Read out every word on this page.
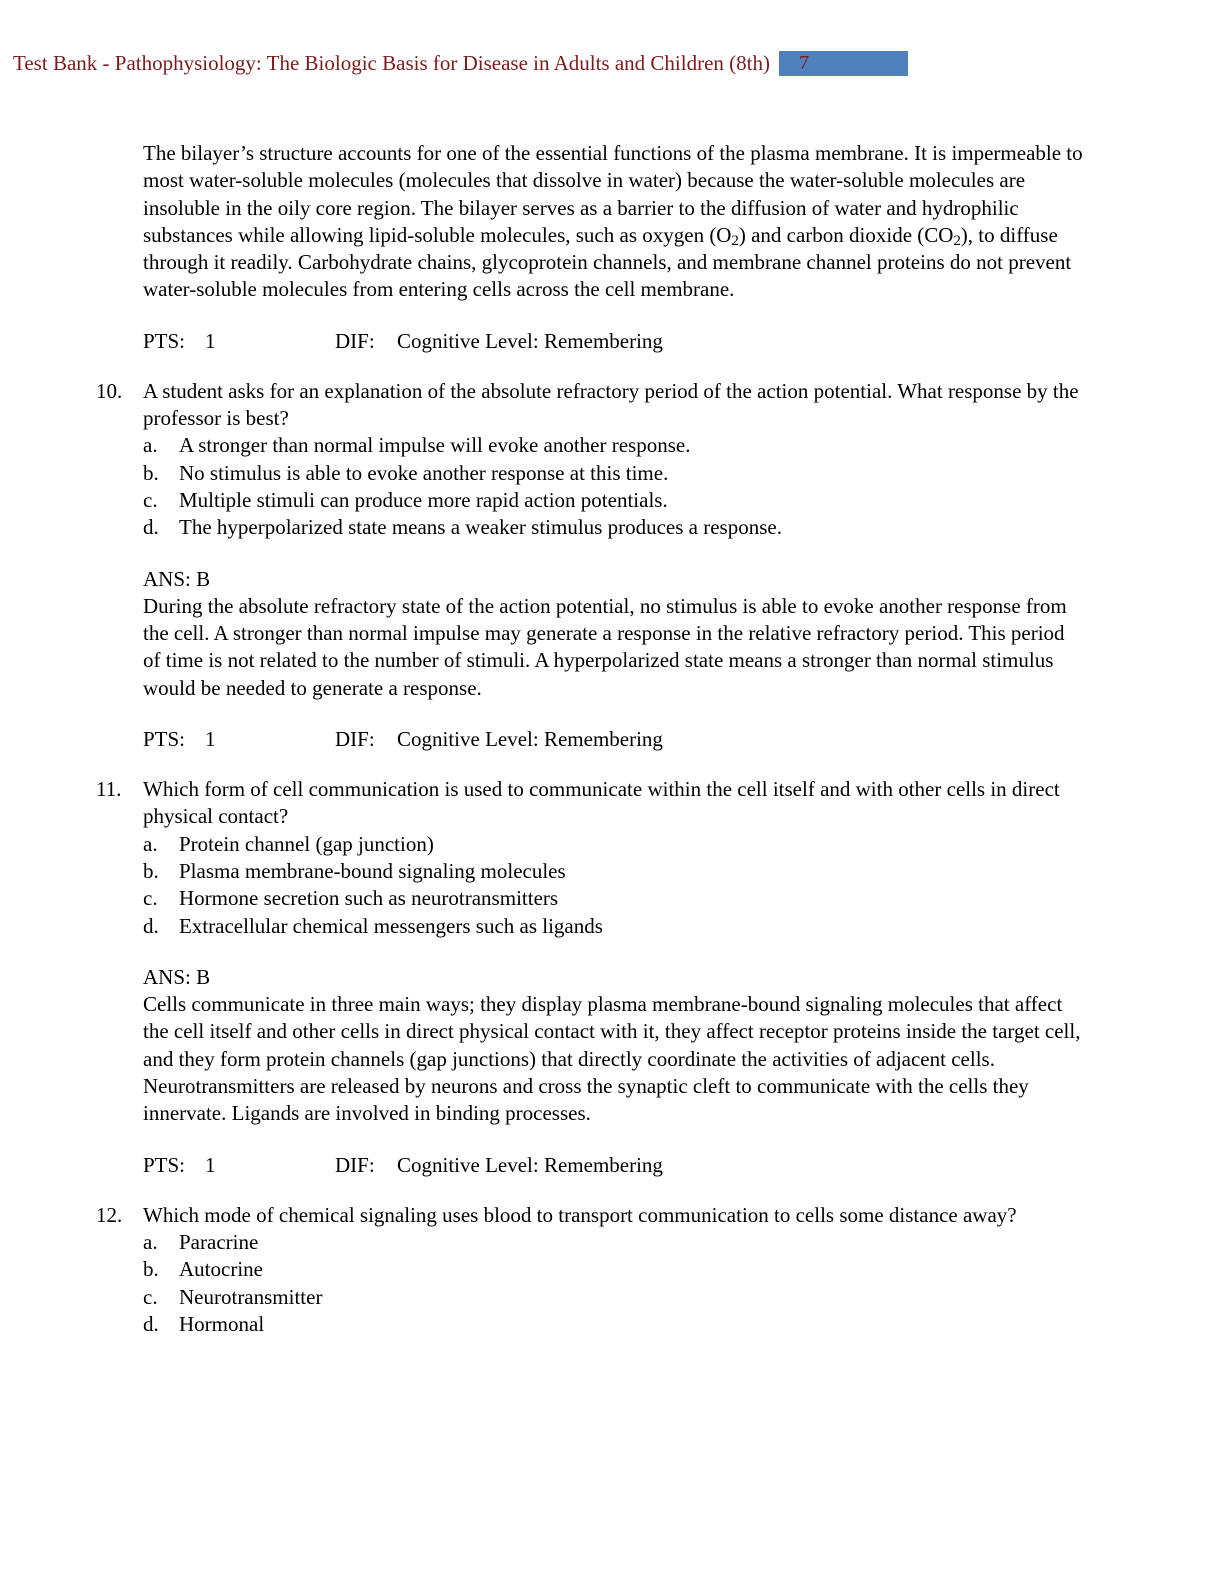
Test Bank - Pathophysiology: The Biologic Basis for Disease in Adults and Children (8th)	7

The bilayer’s structure accounts for one of the essential functions of the plasma membrane. It is impermeable to most water-soluble molecules (molecules that dissolve in water) because the water-soluble molecules are insoluble in the oily core region. The bilayer serves as a barrier to the diffusion of water and hydrophilic substances while allowing lipid-soluble molecules, such as oxygen $(O_2)$ and carbon dioxide $(CO_2)$, to diffuse through it readily. Carbohydrate chains, glycoprotein channels, and membrane channel proteins do not prevent water-soluble molecules from entering cells across the cell membrane.

PTS: 1	DIF:	Cognitive Level: Remembering
10. A student asks for an explanation of the absolute refractory period of the action potential. What response by the professor is best?
a.	A stronger than normal impulse will evoke another response.
b. No stimulus is able to evoke another response at this time.
c.	Multiple stimuli can produce more rapid action potentials.
d. The hyperpolarized state means a weaker stimulus produces a response.
ANS: B

During the absolute refractory state of the action potential, no stimulus is able to evoke another response from the cell. A stronger than normal impulse may generate a response in the relative refractory period. This period of time is not related to the number of stimuli. A hyperpolarized state means a stronger than normal stimulus would be needed to generate a response.

PTS: 1	DIF:	Cognitive Level: Remembering
11.	Which form of cell communication is used to communicate within the cell itself and with other cells in direct physical contact?
a.	Protein channel (gap junction)
b. Plasma membrane-bound signaling molecules
c.	Hormone secretion such as neurotransmitters
d. Extracellular chemical messengers such as ligands
ANS: B

Cells communicate in three main ways; they display plasma membrane-bound signaling molecules that affect the cell itself and other cells in direct physical contact with it, they affect receptor proteins inside the target cell, and they form protein channels (gap junctions) that directly coordinate the activities of adjacent cells. Neurotransmitters are released by neurons and cross the synaptic cleft to communicate with the cells they innervate. Ligands are involved in binding processes.

PTS: 1	DIF:	Cognitive Level: Remembering
12. Which mode of chemical signaling uses blood to transport communication to cells some distance away?
a.	Paracrine
b. Autocrine
c.	Neurotransmitter
d. Hormonal
